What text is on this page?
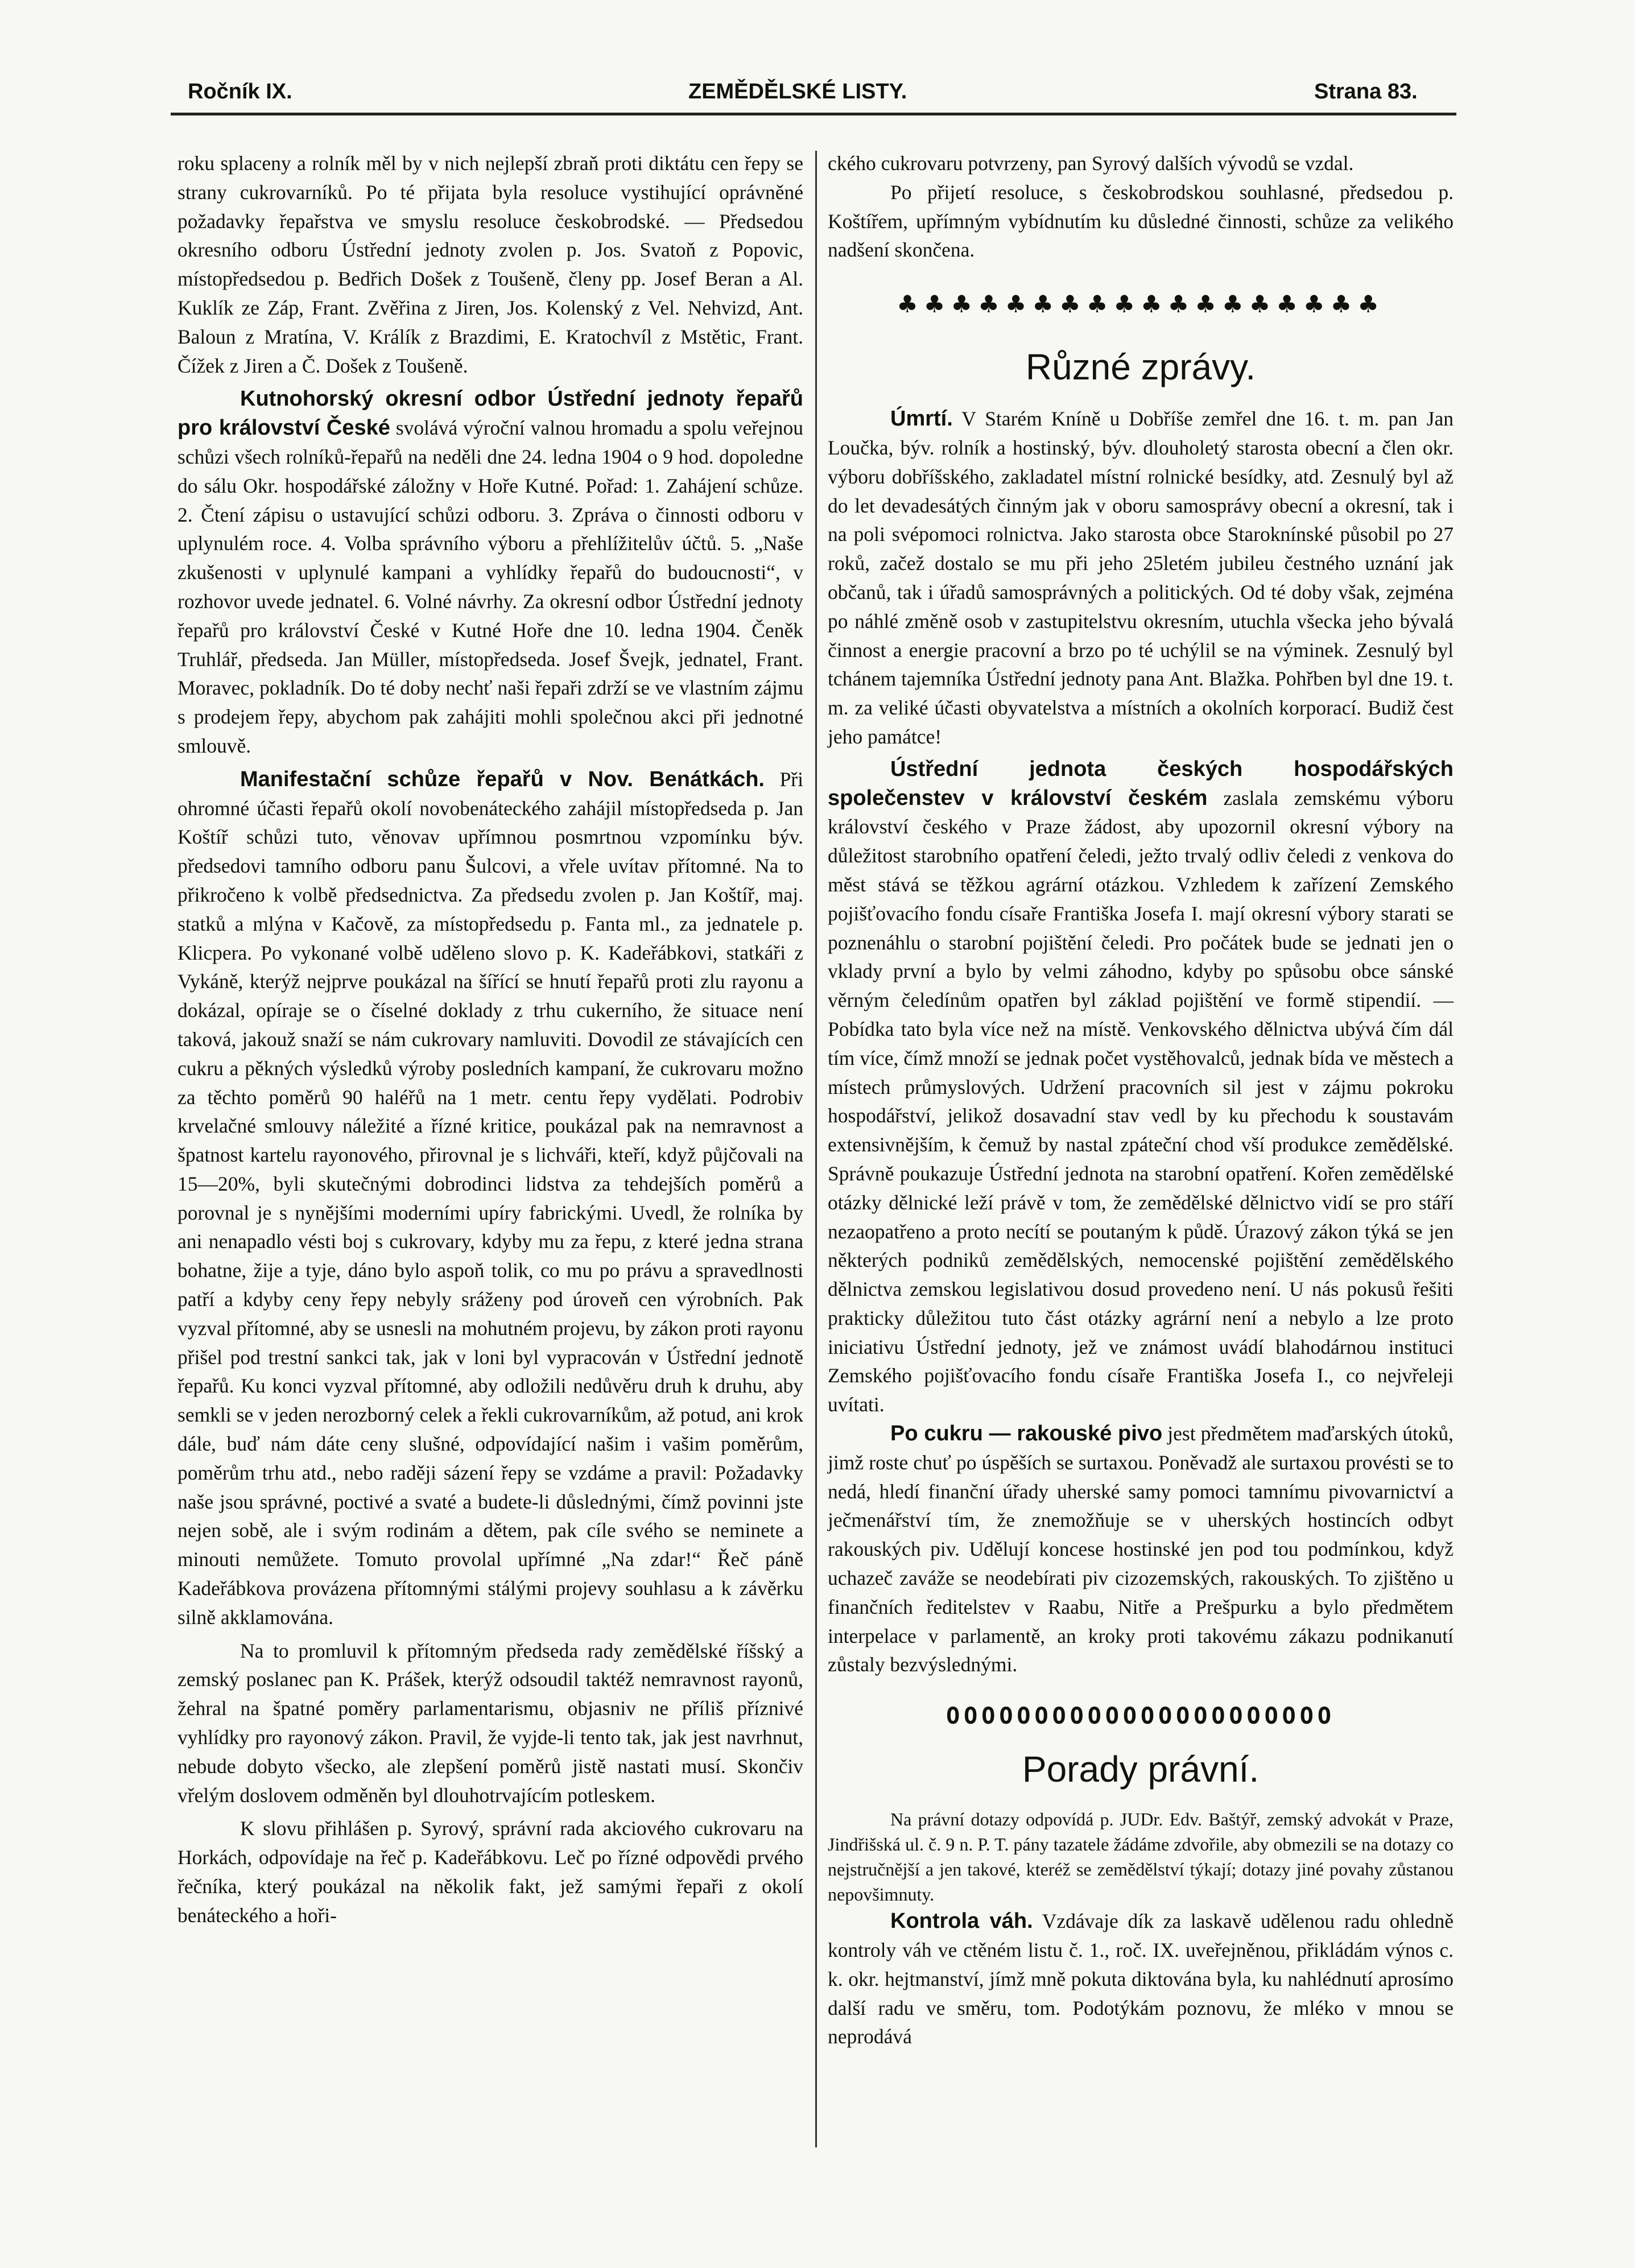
Ročník IX.	ZEMĚDĚLSKÉ LISTY.	Strana 83.

roku splaceny a rolník měl by v nich nejlepší zbraň proti diktátu cen řepy se strany cukrovarníků. Po té přijata byla resoluce vystihující oprávněné požadavky řepařstva ve smyslu resoluce českobrodské. — Předsedou okresního odboru Ústřední jednoty zvolen p. Jos. Svatoň z Popovic, místopředsedou p. Bedřich Došek z Toušeně, členy pp. Josef Beran a Al. Kuklík ze Záp, Frant. Zvěřina z Jiren, Jos. Kolenský z Vel. Nehvizd, Ant. Baloun z Mratína, V. Králík z Brazdimi, E. Kratochvíl z Mstětic, Frant. Čížek z Jiren a Č. Došek z Toušeně.

Kutnohorský okresní odbor Ústřední jednoty řepařů pro království České svolává výroční valnou hromadu a spolu veřejnou schůzi všech rolníků-řepařů na neděli dne 24. ledna 1904 o 9 hod. dopoledne do sálu Okr. hospodářské záložny v Hoře Kutné. Pořad: 1. Zahájení schůze. 2. Čtení zápisu o ustavující schůzi odboru. 3. Zpráva o činnosti odboru v uplynulém roce. 4. Volba správního výboru a přehlížitelův účtů. 5. „Naše zkušenosti v uplynulé kampani a vyhlídky řepařů do budoucnosti“, v rozhovor uvede jednatel. 6. Volné návrhy. Za okresní odbor Ústřední jednoty řepařů pro království České v Kutné Hoře dne 10. ledna 1904. Čeněk Truhlář, předseda. Jan Müller, místopředseda. Josef Švejk, jednatel, Frant. Moravec, pokladník. Do té doby nechť naši řepaři zdrží se ve vlastním zájmu s prodejem řepy, abychom pak zahájiti mohli společnou akci při jednotné smlouvě.

Manifestační schůze řepařů v Nov. Benátkách. Při ohromné účasti řepařů okolí novobenáteckého zahájil místopředseda p. Jan Koštíř schůzi tuto, věnovav upřímnou posmrtnou vzpomínku býv. předsedovi tamního odboru panu Šulcovi, a vřele uvítav přítomné. Na to přikročeno k volbě předsednictva. Za předsedu zvolen p. Jan Koštíř, maj. statků a mlýna v Kačově, za místopředsedu p. Fanta ml., za jednatele p. Klicpera. Po vykonané volbě uděleno slovo p. K. Kadeřábkovi, statkáři z Vykáně, kterýž nejprve poukázal na šířící se hnutí řepařů proti zlu rayonu a dokázal, opíraje se o číselné doklady z trhu cukerního, že situace není taková, jakouž snaží se nám cukrovary namluviti. Dovodil ze stávajících cen cukru a pěkných výsledků výroby posledních kampaní, že cukrovaru možno za těchto poměrů 90 haléřů na 1 metr. centu řepy vydělati. Podrobiv krvelačné smlouvy náležité a řízné kritice, poukázal pak na nemravnost a špatnost kartelu rayonového, přirovnal je s lichváři, kteří, když půjčovali na 15—20%, byli skutečnými dobrodinci lidstva za tehdejších poměrů a porovnal je s nynějšími moderními upíry fabrickými. Uvedl, že rolníka by ani nenapadlo vésti boj s cukrovary, kdyby mu za řepu, z které jedna strana bohatne, žije a tyje, dáno bylo aspoň tolik, co mu po právu a spravedlnosti patří a kdyby ceny řepy nebyly sráženy pod úroveň cen výrobních. Pak vyzval přítomné, aby se usnesli na mohutném projevu, by zákon proti rayonu přišel pod trestní sankci tak, jak v loni byl vypracován v Ústřední jednotě řepařů. Ku konci vyzval přítomné, aby odložili nedůvěru druh k druhu, aby semkli se v jeden nerozborný celek a řekli cukrovarníkům, až potud, ani krok dále, buď nám dáte ceny slušné, odpovídající našim i vašim poměrům, poměrům trhu atd., nebo raději sázení řepy se vzdáme a pravil: Požadavky naše jsou správné, poctivé a svaté a budete-li důslednými, čímž povinni jste nejen sobě, ale i svým rodinám a dětem, pak cíle svého se neminete a minouti nemůžete. Tomuto provolal upřímné „Na zdar!“ Řeč páně Kadeřábkova provázena přítomnými stálými projevy souhlasu a k závěrku silně akklamována.

Na to promluvil k přítomným předseda rady zemědělské říšský a zemský poslanec pan K. Prášek, kterýž odsoudil taktéž nemravnost rayonů, žehral na špatné poměry parlamentarismu, objasniv ne příliš příznivé vyhlídky pro rayonový zákon. Pravil, že vyjde-li tento tak, jak jest navrhnut, nebude dobyto všecko, ale zlepšení poměrů jistě nastati musí. Skončiv vřelým doslovem odměněn byl dlouhotrvajícím potleskem.

K slovu přihlášen p. Syrový, správní rada akciového cukrovaru na Horkách, odpovídaje na řeč p. Kadeřábkovu. Leč po řízné odpovědi prvého řečníka, který poukázal na několik fakt, jež samými řepaři z okolí benáteckého a hoři-

ckého cukrovaru potvrzeny, pan Syrový dalších vývodů se vzdal.

Po přijetí resoluce, s českobrodskou souhlasné, předsedou p. Koštířem, upřímným vybídnutím ku důsledné činnosti, schůze za velikého nadšení skončena.

♣♣♣♣♣♣♣♣♣♣♣♣♣♣♣♣♣♣
Různé zprávy.

Úmrtí. V Starém Kníně u Dobříše zemřel dne 16. t. m. pan Jan Loučka, býv. rolník a hostinský, býv. dlouholetý starosta obecní a člen okr. výboru dobříšského, zakladatel místní rolnické besídky, atd. Zesnulý byl až do let devadesátých činným jak v oboru samosprávy obecní a okresní, tak i na poli svépomoci rolnictva. Jako starosta obce Staroknínské působil po 27 roků, začež dostalo se mu při jeho 25letém jubileu čestného uznání jak občanů, tak i úřadů samosprávných a politických. Od té doby však, zejména po náhlé změně osob v zastupitelstvu okresním, utuchla všecka jeho bývalá činnost a energie pracovní a brzo po té uchýlil se na výminek. Zesnulý byl tchánem tajemníka Ústřední jednoty pana Ant. Blažka. Pohřben byl dne 19. t. m. za veliké účasti obyvatelstva a místních a okolních korporací. Budiž čest jeho památce!

Ústřední jednota českých hospodářských společenstev v království českém zaslala zemskému výboru království českého v Praze žádost, aby upozornil okresní výbory na důležitost starobního opatření čeledi, ježto trvalý odliv čeledi z venkova do měst stává se těžkou agrární otázkou. Vzhledem k zařízení Zemského pojišťovacího fondu císaře Františka Josefa I. mají okresní výbory starati se poznenáhlu o starobní pojištění čeledi. Pro počátek bude se jednati jen o vklady první a bylo by velmi záhodno, kdyby po spůsobu obce sánské věrným čeledínům opatřen byl základ pojištění ve formě stipendií. — Pobídka tato byla více než na místě. Venkovského dělnictva ubývá čím dál tím více, čímž množí se jednak počet vystěhovalců, jednak bída ve městech a místech průmyslových. Udržení pracovních sil jest v zájmu pokroku hospodářství, jelikož dosavadní stav vedl by ku přechodu k soustavám extensivnějším, k čemuž by nastal zpáteční chod vší produkce zemědělské. Správně poukazuje Ústřední jednota na starobní opatření. Kořen zemědělské otázky dělnické leží právě v tom, že zemědělské dělnictvo vidí se pro stáří nezaopatřeno a proto necítí se poutaným k půdě. Úrazový zákon týká se jen některých podniků zemědělských, nemocenské pojištění zemědělského dělnictva zemskou legislativou dosud provedeno není. U nás pokusů řešiti prakticky důležitou tuto část otázky agrární není a nebylo a lze proto iniciativu Ústřední jednoty, jež ve známost uvádí blahodárnou instituci Zemského pojišťovacího fondu císaře Františka Josefa I., co nejvřeleji uvítati.

Po cukru — rakouské pivo jest předmětem maďarských útoků, jimž roste chuť po úspěších se surtaxou. Poněvadž ale surtaxou provésti se to nedá, hledí finanční úřady uherské samy pomoci tamnímu pivovarnictví a ječmenářství tím, že znemožňuje se v uherských hostincích odbyt rakouských piv. Udělují koncese hostinské jen pod tou podmínkou, když uchazeč zaváže se neodebírati piv cizozemských, rakouských. To zjištěno u finančních ředitelstev v Raabu, Nitře a Prešpurku a bylo předmětem interpelace v parlamentě, an kroky proti takovému zákazu podnikanutí zůstaly bezvýslednými.

OOOOOOOOOOOOOOOOOOOOOO
Porady právní.

Na právní dotazy odpovídá p. JUDr. Edv. Baštýř, zemský advokát v Praze, Jindřišská ul. č. 9 n. P. T. pány tazatele žádáme zdvořile, aby obmezili se na dotazy co nejstručnější a jen takové, kteréž se zemědělství týkají; dotazy jiné povahy zůstanou nepovšimnuty.

Kontrola váh. Vzdávaje dík za laskavě udělenou radu ohledně kontroly váh ve ctěném listu č. 1., roč. IX. uveřejněnou, přikládám výnos c. k. okr. hejtmanství, jímž mně pokuta diktována byla, ku nahlédnutí aprosímo další radu ve směru, tom. Podotýkám poznovu, že mléko v mnou se neprodává
